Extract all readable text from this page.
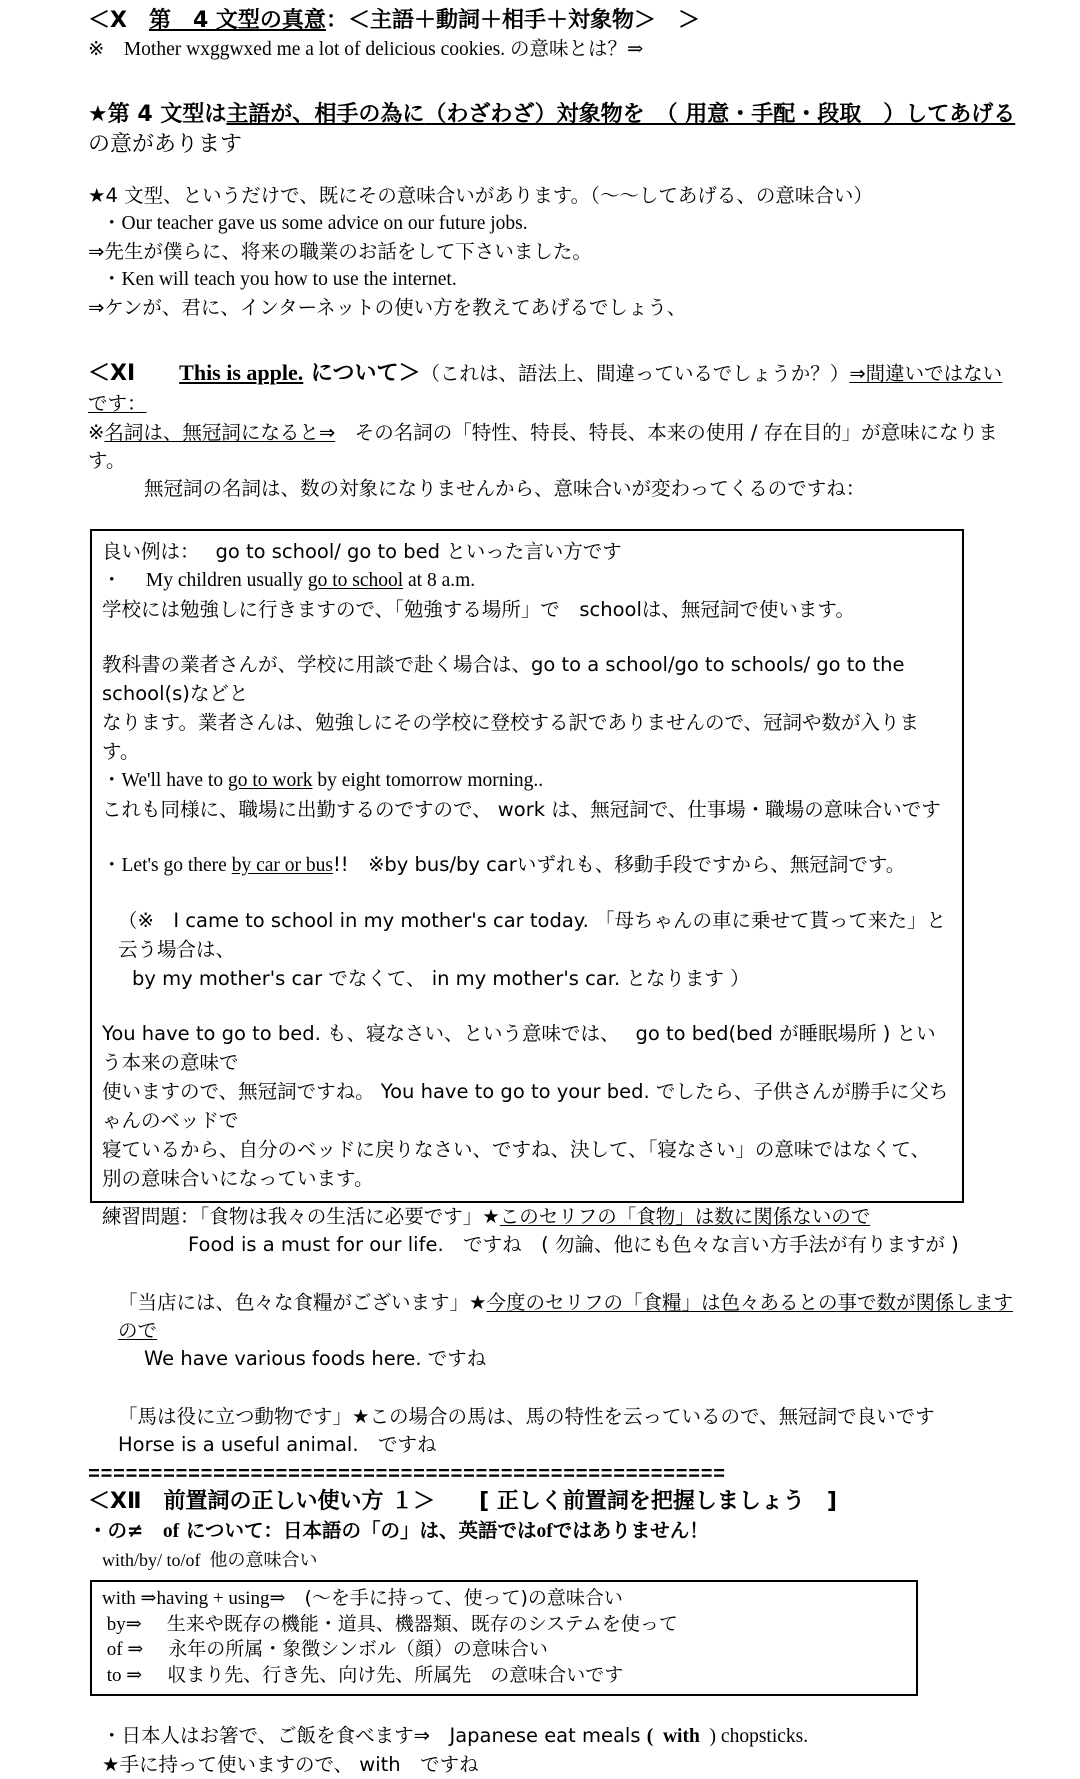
＜X　第　4 文型の真意：＜主語＋動詞＋相手＋対象物＞　＞
※　Mother wxggwxed me a lot of delicious cookies. の意味とは？⇒
★第 4 文型は主語が、相手の為に（わざわざ）対象物を　（ 用意・手配・段取　）してあげる　の意があります
★4 文型、というだけで、既にその意味合いがあります。（〜〜してあげる、の意味合い）
・Our teacher gave us some advice on our future jobs.
⇒先生が僕らに、将来の職業のお話をして下さいました。
・Ken will teach you how to use the internet.
⇒ケンが、君に、インターネットの使い方を教えてあげるでしょう、
＜XⅠ　　This is apple. について＞（これは、語法上、間違っているでしょうか？）⇒間違いではないです：
※名詞は、無冠詞になると⇒　その名詞の「特性、特長、特長、本来の使用 / 存在目的」が意味になります。
無冠詞の名詞は、数の対象になりませんから、意味合いが変わってくるのですね：
良い例は：　 go to school/ go to bed といった言い方です
・　 My children usually go to school at 8 a.m.
学校には勉強しに行きますので、「勉強する場所」で　schoolは、無冠詞で使います。
教科書の業者さんが、学校に用談で赴く場合は、go to a school/go to schools/ go to the school(s)などと
なります。業者さんは、勉強しにその学校に登校する訳でありませんので、冠詞や数が入ります。
・We'll have to go to work by eight tomorrow morning..
これも同様に、職場に出勤するのですので、 work は、無冠詞で、仕事場・職場の意味合いです
・Let's go there by car or bus!!　※by bus/by carいずれも、移動手段ですから、無冠詞です。
（※　I came to school in my mother's car today. 「母ちゃんの車に乗せて貰って来た」と云う場合は、
by my mother's car でなくて、 in my mother's car. となります ）
You have to go to bed. も、寝なさい、という意味では、　 go to bed(bed が睡眠場所 ) という本来の意味で
使いますので、無冠詞ですね。 You have to go to your bed. でしたら、子供さんが勝手に父ちゃんのベッドで
寝ているから、自分のベッドに戻りなさい、ですね、決して、「寝なさい」の意味ではなくて、
別の意味合いになっています。
練習問題：「食物は我々の生活に必要です」★このセリフの「食物」は数に関係ないので
Food is a must for our life.　ですね　( 勿論、他にも色々な言い方手法が有りますが )
「当店には、色々な食糧がございます」★今度のセリフの「食糧」は色々あるとの事で数が関係しますので
We have various foods here. ですね
「馬は役に立つ動物です」★この場合の馬は、馬の特性を云っているので、無冠詞で良いです
Horse is a useful animal.　ですね
===================================================
＜XⅡ　前置詞の正しい使い方 １＞　　[ 正しく前置詞を把握しましょう　]
・の≠　of について：日本語の「の」は、英語ではofではありません！
with/by/ to/of  他の意味合い
with ⇒having + using⇒　(〜を手に持って、使って)の意味合い
by⇒　 生来や既存の機能・道具、機器類、既存のシステムを使って
of ⇒　 永年の所属・象徴シンボル（顔）の意味合い
to ⇒　 収まり先、行き先、向け先、所属先　の意味合いです
・日本人はお箸で、ご飯を食べます⇒　Japanese eat meals (  with  ) chopsticks.
★手に持って使いますので、 with　ですね
